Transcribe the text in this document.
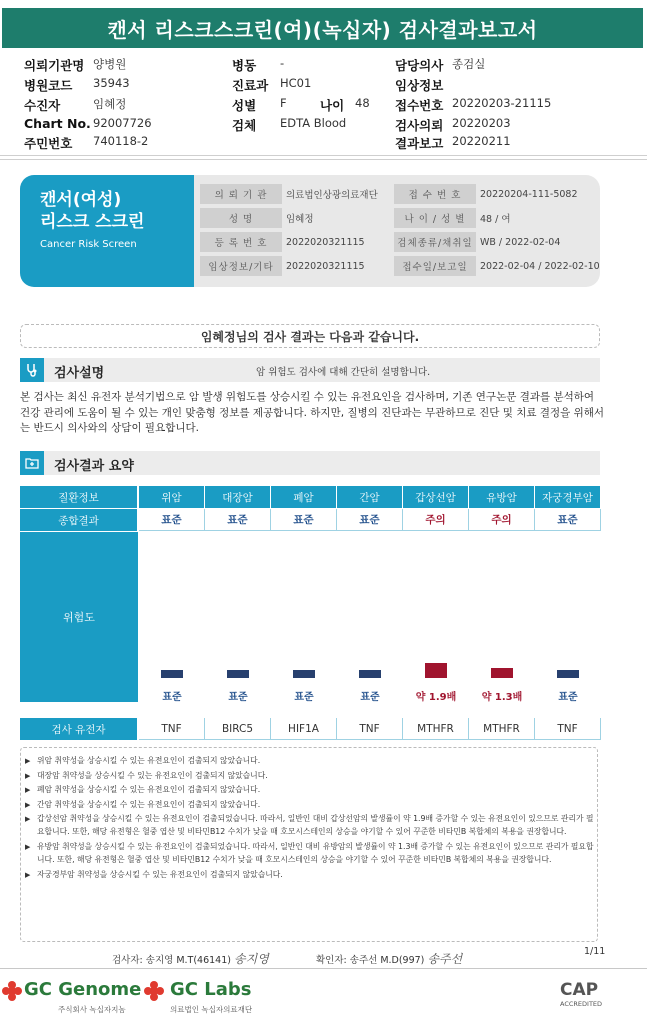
캔서 리스크스크린(여)(녹십자) 검사결과보고서
의뢰기관명 양병원	병동 -	담당의사 종검실
병원코드 35943	진료과 HC01	임상정보
수진자	임혜정	성별 F	나이 48 접수번호 20220203-21115
Chart No. 92007726	검체 EDTA Blood	검사의뢰 20220203
주민번호 740118-2	결과보고 20220211
캔서(여성)
리스크 스크린
Cancer Risk Screen
의 뢰 기 관	의료법인상광의료재단	접 수 번 호	20220204-111-5082
성 명	임혜정	나 이 / 성 별	48 / 여
등 록 번 호	2022020321115	검체종류/채취일 WB / 2022-02-04
임상정보/기타	2022020321115	접수일/보고일	2022-02-04 / 2022-02-10
임혜정님의 검사 결과는 다음과 같습니다.
검사설명	암 위험도 검사에 대해 간단히 설명합니다.
본 검사는 최신 유전자 분석기법으로 암 발생 위험도를 상승시킬 수 있는 유전요인을 검사하며, 기존 연구논문 결과를 분석하여 건강 관리에 도움이 될 수 있는 개인 맞춤형 정보를 제공합니다. 하지만, 질병의 진단과는 무관하므로 진단 및 치료 결정을 위해서는 반드시 의사와의 상담이 필요합니다.
검사결과 요약
질환정보	위암	대장암	폐암	간암	갑상선암	유방암	자궁경부암
종합결과	표준	표준	표준	표준	주의	주의	표준
위험도
표준	표준	표준	표준	약 1.9배	약 1.3배	표준
검사 유전자	TNF	BIRC5	HIF1A	TNF	MTHFR	MTHFR	TNF
▶ 위암 취약성을 상승시킬 수 있는 유전요인이 검출되지 않았습니다.
▶ 대장암 취약성을 상승시킬 수 있는 유전요인이 검출되지 않았습니다.
▶ 폐암 취약성을 상승시킬 수 있는 유전요인이 검출되지 않았습니다.
▶ 간암 취약성을 상승시킬 수 있는 유전요인이 검출되지 않았습니다.
▶ 갑상선암 취약성을 상승시킬 수 있는 유전요인이 검출되었습니다. 따라서, 일반인 대비 갑상선암의 발생률이 약 1.9배 증가할 수 있는 유전요인이 있으므로 관리가 필요합니다. 또한, 해당 유전형은 혈중 엽산 및 비타민B12 수치가 낮을 때 호모시스테인의 상승을 야기할 수 있어 꾸준한 비타민B 복합체의 복용을 권장합니다.
▶ 유방암 취약성을 상승시킬 수 있는 유전요인이 검출되었습니다. 따라서, 일반인 대비 유방암의 발생률이 약 1.3배 증가할 수 있는 유전요인이 있으므로 관리가 필요합니다. 또한, 해당 유전형은 혈중 엽산 및 비타민B12 수치가 낮을 때 호모시스테인의 상승을 야기할 수 있어 꾸준한 비타민B 복합체의 복용을 권장합니다.
▶ 자궁경부암 취약성을 상승시킬 수 있는 유전요인이 검출되지 않았습니다.
검사자: 송지영 M.T(46141) 송지영	확인자: 송주선 M.D(997) 송주선
1/11
GC Genome
주식회사 녹십자지놈
GC Labs
의료법인 녹십자의료재단
CAP
ACCREDITED
